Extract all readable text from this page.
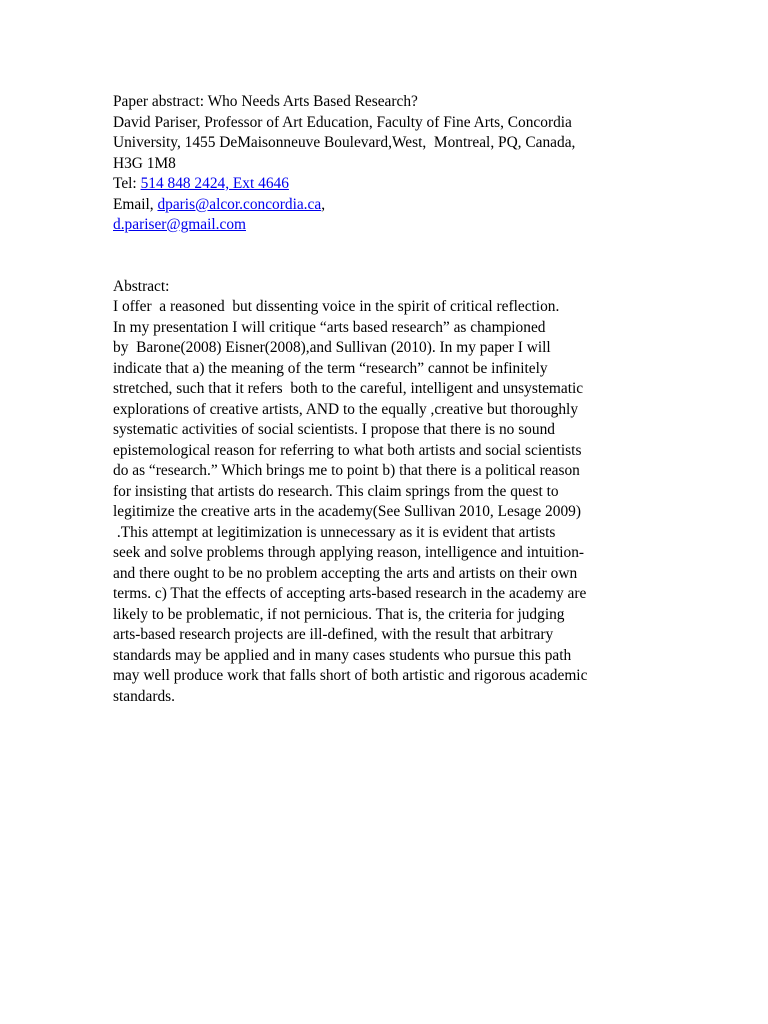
Paper abstract: Who Needs Arts Based Research?
David Pariser, Professor of Art Education, Faculty of Fine Arts, Concordia
University, 1455 DeMaisonneuve Boulevard,West,  Montreal, PQ, Canada,
H3G 1M8
Tel: 514 848 2424, Ext 4646
Email, dparis@alcor.concordia.ca,
d.pariser@gmail.com
Abstract:
I offer  a reasoned  but dissenting voice in the spirit of critical reflection.
In my presentation I will critique “arts based research” as championed
by  Barone(2008) Eisner(2008),and Sullivan (2010). In my paper I will
indicate that a) the meaning of the term “research” cannot be infinitely
stretched, such that it refers  both to the careful, intelligent and unsystematic
explorations of creative artists, AND to the equally ,creative but thoroughly
systematic activities of social scientists. I propose that there is no sound
epistemological reason for referring to what both artists and social scientists
do as “research.” Which brings me to point b) that there is a political reason
for insisting that artists do research. This claim springs from the quest to
legitimize the creative arts in the academy(See Sullivan 2010, Lesage 2009)
.This attempt at legitimization is unnecessary as it is evident that artists
seek and solve problems through applying reason, intelligence and intuition-
and there ought to be no problem accepting the arts and artists on their own
terms. c) That the effects of accepting arts-based research in the academy are
likely to be problematic, if not pernicious. That is, the criteria for judging
arts-based research projects are ill-defined, with the result that arbitrary
standards may be applied and in many cases students who pursue this path
may well produce work that falls short of both artistic and rigorous academic
standards.
